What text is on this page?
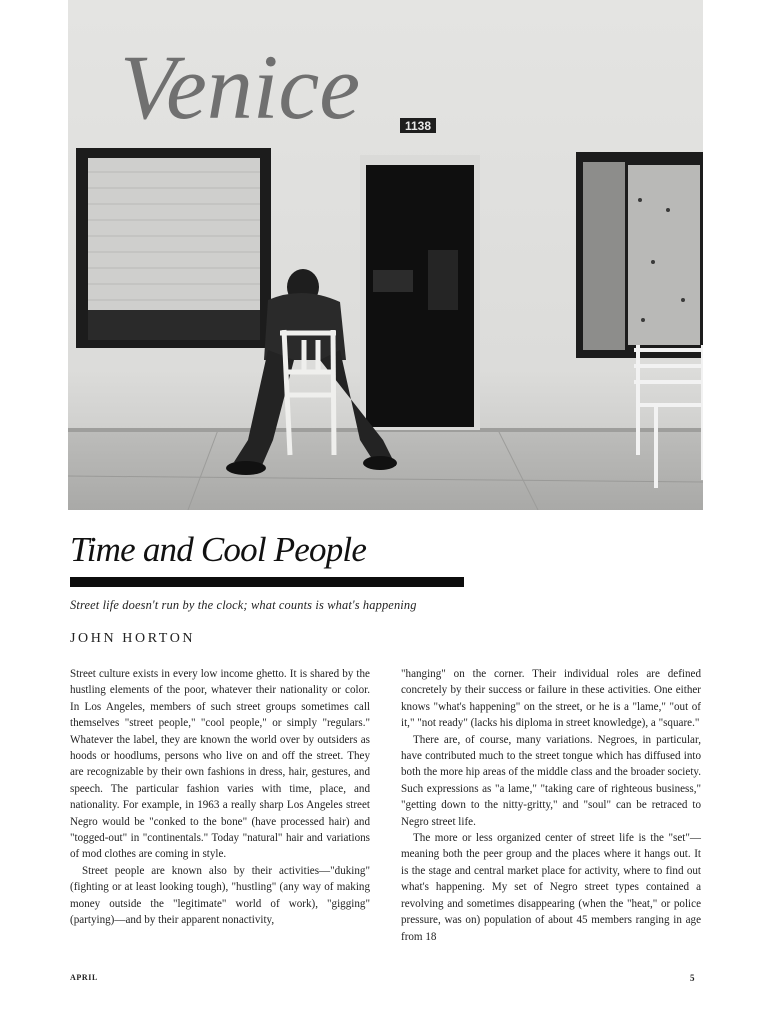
Venice	1138
Time and Cool People
Street life doesn't run by the clock; what counts is what's happening
JOHN HORTON

Street culture exists in every low income ghetto. It is shared by the hustling elements of the poor, whatever their nationality or color. In Los Angeles, members of such street groups sometimes call themselves "street people," "cool people," or simply "regulars." Whatever the label, they are known the world over by outsiders as hoods or hoodlums, persons who live on and off the street. They are recognizable by their own fashions in dress, hair, gestures, and speech. The particular fashion varies with time, place, and nationality. For example, in 1963 a really sharp Los Angeles street Negro would be "conked to the bone" (have processed hair) and "togged-out" in "continentals." Today "natural" hair and variations of mod clothes are coming in style.

Street people are known also by their activities—"duking" (fighting or at least looking tough), "hustling" (any way of making money outside the "legitimate" world of work), "gigging" (partying)—and by their apparent nonactivity,

"hanging" on the corner. Their individual roles are defined concretely by their success or failure in these activities. One either knows "what's happening" on the street, or he is a "lame," "out of it," "not ready" (lacks his diploma in street knowledge), a "square."

There are, of course, many variations. Negroes, in particular, have contributed much to the street tongue which has diffused into both the more hip areas of the middle class and the broader society. Such expressions as "a lame," "taking care of righteous business," "getting down to the nitty-gritty," and "soul" can be retraced to Negro street life.

The more or less organized center of street life is the "set"—meaning both the peer group and the places where it hangs out. It is the stage and central market place for activity, where to find out what's happening. My set of Negro street types contained a revolving and sometimes disappearing (when the "heat," or police pressure, was on) population of about 45 members ranging in age from 18

APRIL	5
